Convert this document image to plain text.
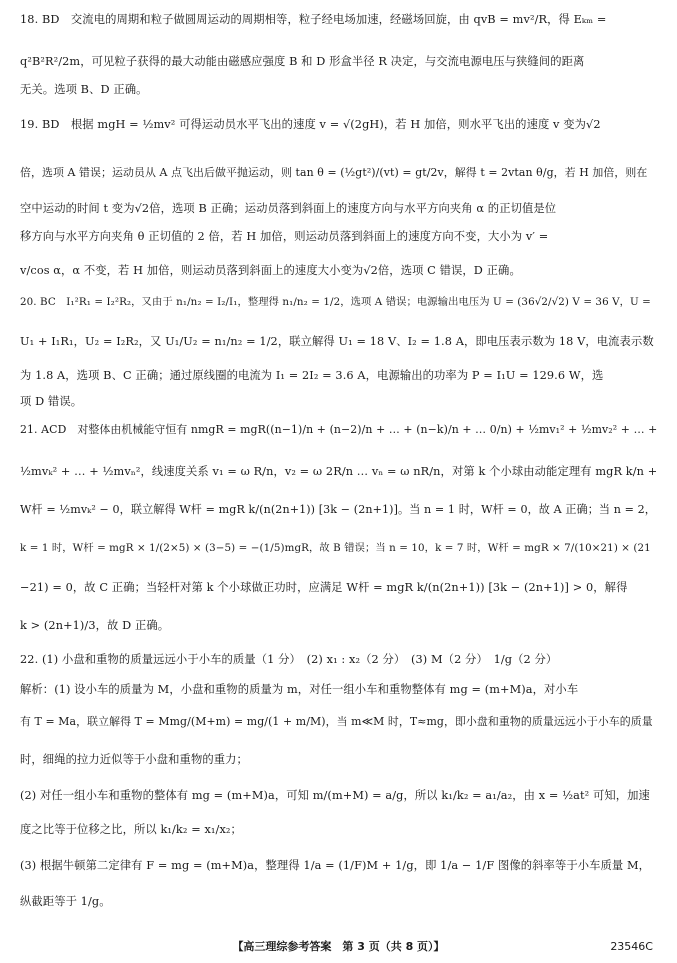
18. BD　交流电的周期和粒子做圆周运动的周期相等，粒子经电场加速，经磁场回旋，由 qvB = mv²/R，得 Eₖₘ =
q²B²R²/2m，可见粒子获得的最大动能由磁感应强度 B 和 D 形盒半径 R 决定，与交流电源电压与狭缝间的距离
无关。选项 B、D 正确。
19. BD　根据 mgH = ½mv² 可得运动员水平飞出的速度 v = √(2gH)，若 H 加倍，则水平飞出的速度 v 变为√2
倍，选项 A 错误；运动员从 A 点飞出后做平抛运动，则 tan θ = (½gt²)/(vt) = gt/2v，解得 t = 2vtan θ/g，若 H 加倍，则在
空中运动的时间 t 变为√2倍，选项 B 正确；运动员落到斜面上的速度方向与水平方向夹角 α 的正切值是位
移方向与水平方向夹角 θ 正切值的 2 倍，若 H 加倍，则运动员落到斜面上的速度方向不变，大小为 v′ =
v/cos α，α 不变，若 H 加倍，则运动员落到斜面上的速度大小变为√2倍，选项 C 错误，D 正确。
20. BC　I₁²R₁ = I₂²R₂，又由于 n₁/n₂ = I₂/I₁，整理得 n₁/n₂ = 1/2，选项 A 错误；电源输出电压为 U = (36√2/√2) V = 36 V，U =
U₁ + I₁R₁，U₂ = I₂R₂，又 U₁/U₂ = n₁/n₂ = 1/2，联立解得 U₁ = 18 V、I₂ = 1.8 A，即电压表示数为 18 V，电流表示数
为 1.8 A，选项 B、C 正确；通过原线圈的电流为 I₁ = 2I₂ = 3.6 A，电源输出的功率为 P = I₁U = 129.6 W，选
项 D 错误。
21. ACD　对整体由机械能守恒有 nmgR = mgR((n−1)/n + (n−2)/n + … + (n−k)/n + … 0/n) + ½mv₁² + ½mv₂² + … +
½mvₖ² + … + ½mvₙ²，线速度关系 v₁ = ω R/n，v₂ = ω 2R/n … vₙ = ω nR/n，对第 k 个小球由动能定理有 mgR k/n +
W杆 = ½mvₖ² − 0，联立解得 W杆 = mgR k/(n(2n+1)) [3k − (2n+1)]。当 n = 1 时，W杆 = 0，故 A 正确；当 n = 2，
k = 1 时，W杆 = mgR × 1/(2×5) × (3−5) = −(1/5)mgR，故 B 错误；当 n = 10，k = 7 时，W杆 = mgR × 7/(10×21) × (21
−21) = 0，故 C 正确；当轻杆对第 k 个小球做正功时，应满足 W杆 = mgR k/(n(2n+1)) [3k − (2n+1)] > 0，解得
k > (2n+1)/3，故 D 正确。
22. (1) 小盘和重物的质量远远小于小车的质量（1 分）　(2) x₁ : x₂（2 分）　(3) M（2 分）　1/g（2 分）
解析：(1) 设小车的质量为 M，小盘和重物的质量为 m，对任一组小车和重物整体有 mg = (m+M)a，对小车
有 T = Ma，联立解得 T = Mmg/(M+m) = mg/(1 + m/M)，当 m≪M 时，T≈mg，即小盘和重物的质量远远小于小车的质量
时，细绳的拉力近似等于小盘和重物的重力；
(2) 对任一组小车和重物的整体有 mg = (m+M)a，可知 m/(m+M) = a/g，所以 k₁/k₂ = a₁/a₂，由 x = ½at² 可知，加速
度之比等于位移之比，所以 k₁/k₂ = x₁/x₂；
(3) 根据牛顿第二定律有 F = mg = (m+M)a，整理得 1/a = (1/F)M + 1/g，即 1/a − 1/F 图像的斜率等于小车质量 M，
纵截距等于 1/g。
【高三理综参考答案　第 3 页（共 8 页）】	23546C
